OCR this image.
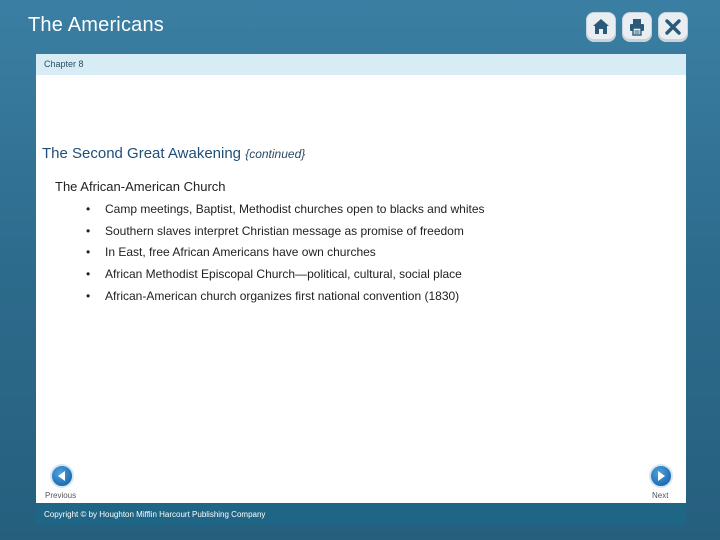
The Americans
Chapter 8
The Second Great Awakening {continued}
The African-American Church
•	Camp meetings, Baptist, Methodist churches open to blacks and whites
•	Southern slaves interpret Christian message as promise of freedom
•	In East, free African Americans have own churches
•	African Methodist Episcopal Church—political, cultural, social place
•	African-American church organizes first national convention (1830)
Previous	Next
Copyright © by Houghton Mifflin Harcourt Publishing Company
